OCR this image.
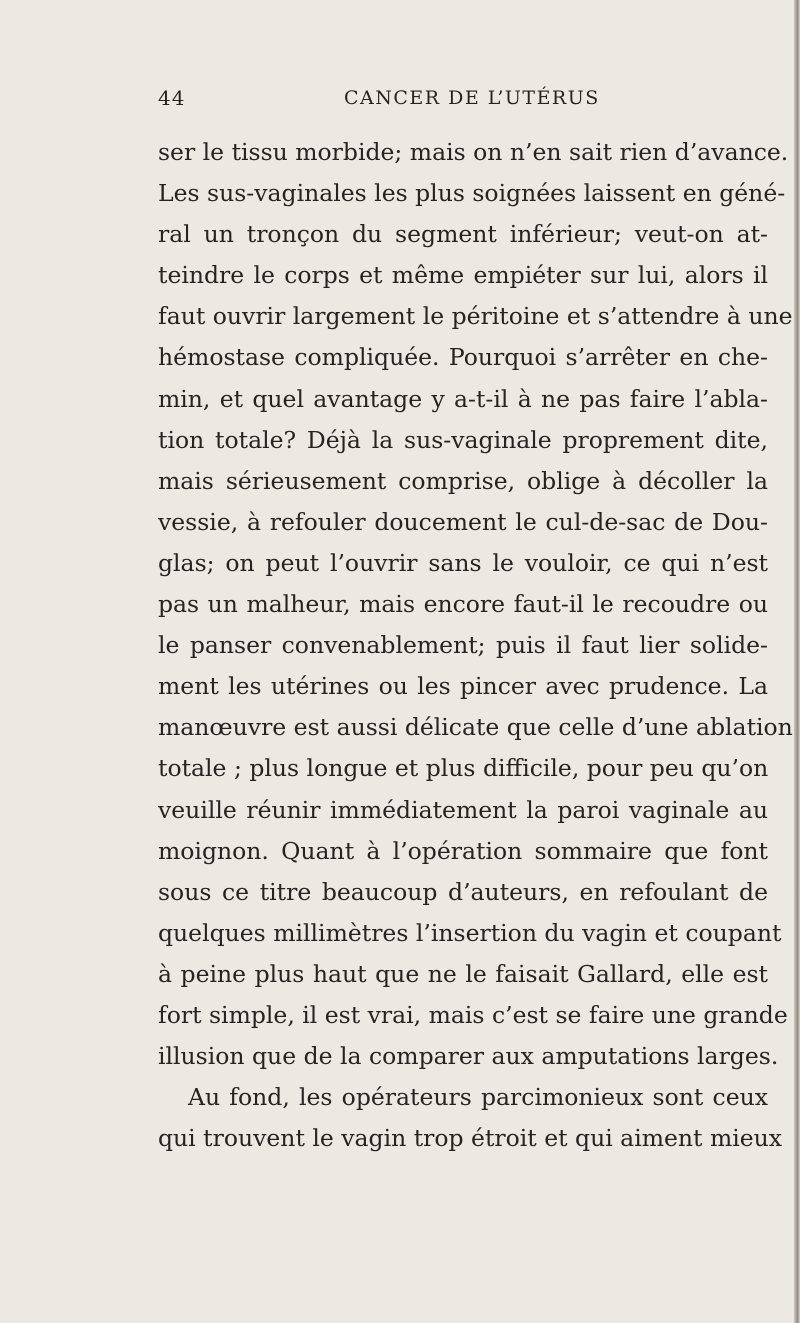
44	CANCER DE L’UTÉRUS
ser le tissu morbide; mais on n’en sait rien d’avance.
Les sus-vaginales les plus soignées laissent en géné-
ral un tronçon du segment inférieur; veut-on at-
teindre le corps et même empiéter sur lui, alors il
faut ouvrir largement le péritoine et s’attendre à une
hémostase compliquée. Pourquoi s’arrêter en che-
min, et quel avantage y a-t-il à ne pas faire l’abla-
tion totale? Déjà la sus-vaginale proprement dite,
mais sérieusement comprise, oblige à décoller la
vessie, à refouler doucement le cul-de-sac de Dou-
glas; on peut l’ouvrir sans le vouloir, ce qui n’est
pas un malheur, mais encore faut-il le recoudre ou
le panser convenablement; puis il faut lier solide-
ment les utérines ou les pincer avec prudence. La
manœuvre est aussi délicate que celle d’une ablation
totale ; plus longue et plus difficile, pour peu qu’on
veuille réunir immédiatement la paroi vaginale au
moignon. Quant à l’opération sommaire que font
sous ce titre beaucoup d’auteurs, en refoulant de
quelques millimètres l’insertion du vagin et coupant
à peine plus haut que ne le faisait Gallard, elle est
fort simple, il est vrai, mais c’est se faire une grande
illusion que de la comparer aux amputations larges.
Au fond, les opérateurs parcimonieux sont ceux
qui trouvent le vagin trop étroit et qui aiment mieux
